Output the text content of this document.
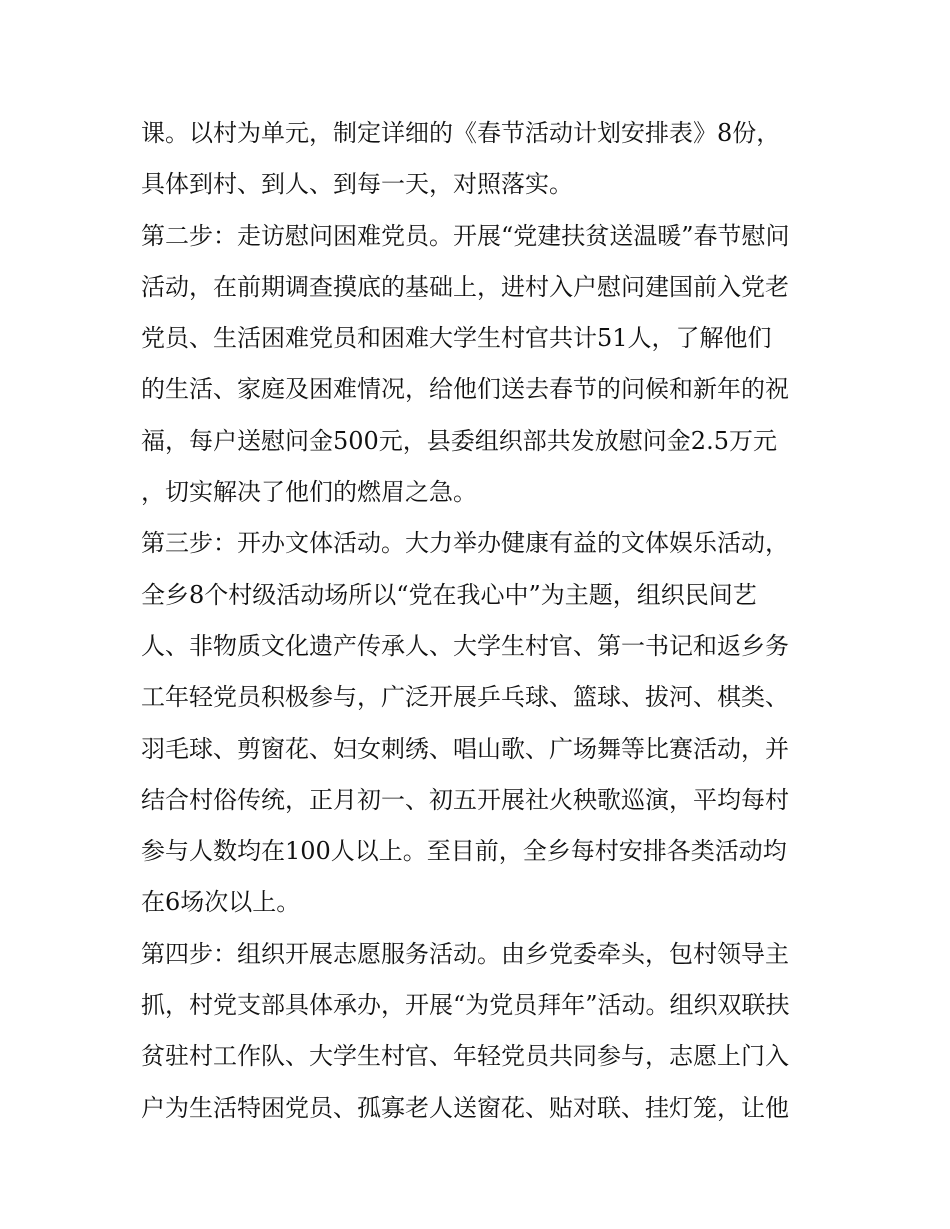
课。以村为单元，制定详细的《春节活动计划安排表》8份，
具体到村、到人、到每一天，对照落实。
第二步：走访慰问困难党员。开展“党建扶贫送温暖”春节慰问
活动，在前期调查摸底的基础上，进村入户慰问建国前入党老
党员、生活困难党员和困难大学生村官共计51人，了解他们
的生活、家庭及困难情况，给他们送去春节的问候和新年的祝
福，每户送慰问金500元，县委组织部共发放慰问金2.5万元
，切实解决了他们的燃眉之急。
第三步：开办文体活动。大力举办健康有益的文体娱乐活动，
全乡8个村级活动场所以“党在我心中”为主题，组织民间艺
人、非物质文化遗产传承人、大学生村官、第一书记和返乡务
工年轻党员积极参与，广泛开展乒乓球、篮球、拔河、棋类、
羽毛球、剪窗花、妇女刺绣、唱山歌、广场舞等比赛活动，并
结合村俗传统，正月初一、初五开展社火秧歌巡演，平均每村
参与人数均在100人以上。至目前，全乡每村安排各类活动均
在6场次以上。
第四步：组织开展志愿服务活动。由乡党委牵头，包村领导主
抓，村党支部具体承办，开展“为党员拜年”活动。组织双联扶
贫驻村工作队、大学生村官、年轻党员共同参与，志愿上门入
户为生活特困党员、孤寡老人送窗花、贴对联、挂灯笼，让他
